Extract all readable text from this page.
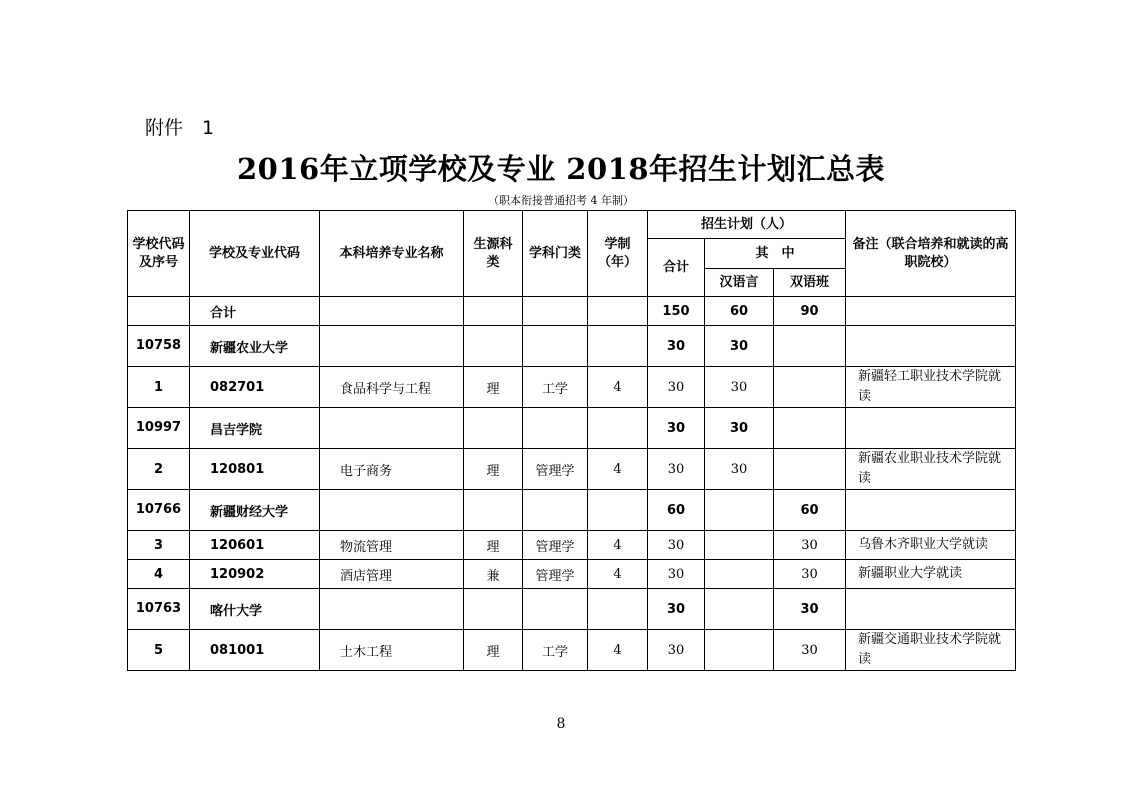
附件　1
2016年立项学校及专业 2018年招生计划汇总表
（职本衔接普通招考 4 年制）
学校代码及序号	学校及专业代码	本科培养专业名称	生源科类	学科门类	学制（年）	招生计划（人）			备注（联合培养和就读的高职院校）
						合计	其　中		
							汉语言	双语班	
	合计					150	60	90	
10758	新疆农业大学					30	30		
1	082701	食品科学与工程	理	工学	4	30	30		新疆轻工职业技术学院就读
10997	昌吉学院					30	30		
2	120801	电子商务	理	管理学	4	30	30		新疆农业职业技术学院就读
10766	新疆财经大学					60		60	
3	120601	物流管理	理	管理学	4	30		30	乌鲁木齐职业大学就读
4	120902	酒店管理	兼	管理学	4	30		30	新疆职业大学就读
10763	喀什大学					30		30	
5	081001	土木工程	理	工学	4	30		30	新疆交通职业技术学院就读
8
